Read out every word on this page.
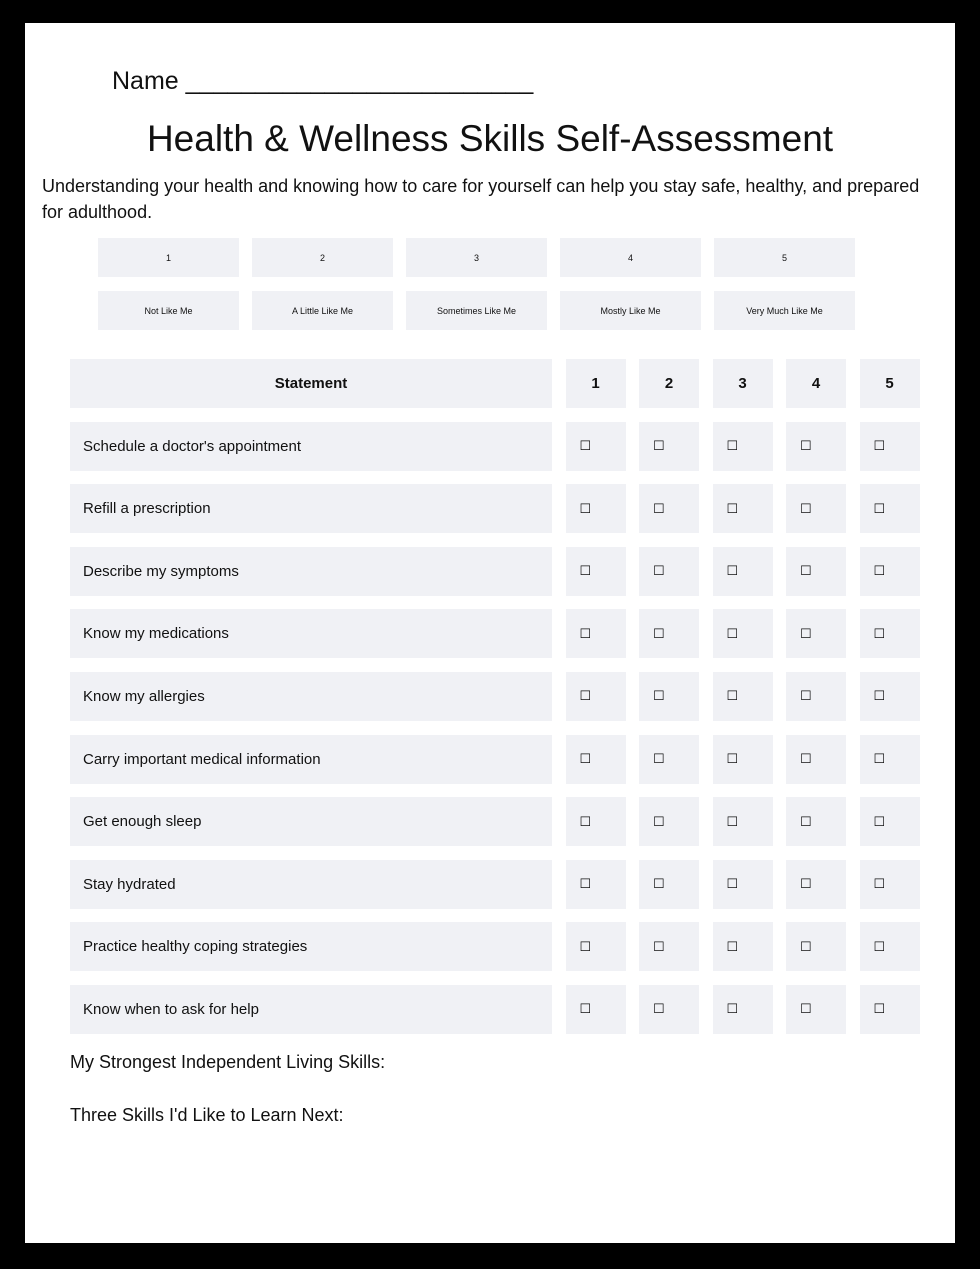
Name _________________________
Health & Wellness Skills Self-Assessment
Understanding your health and knowing how to care for yourself can help you stay safe, healthy, and prepared for adulthood.
1	2	3	4	5
Not Like Me	A Little Like Me	Sometimes Like Me	Mostly Like Me	Very Much Like Me
Statement	1	2	3	4	5
Schedule a doctor's appointment	☐	☐	☐	☐	☐
Refill a prescription	☐	☐	☐	☐	☐
Describe my symptoms	☐	☐	☐	☐	☐
Know my medications	☐	☐	☐	☐	☐
Know my allergies	☐	☐	☐	☐	☐
Carry important medical information	☐	☐	☐	☐	☐
Get enough sleep	☐	☐	☐	☐	☐
Stay hydrated	☐	☐	☐	☐	☐
Practice healthy coping strategies	☐	☐	☐	☐	☐
Know when to ask for help	☐	☐	☐	☐	☐
My Strongest Independent Living Skills:
Three Skills I'd Like to Learn Next:
